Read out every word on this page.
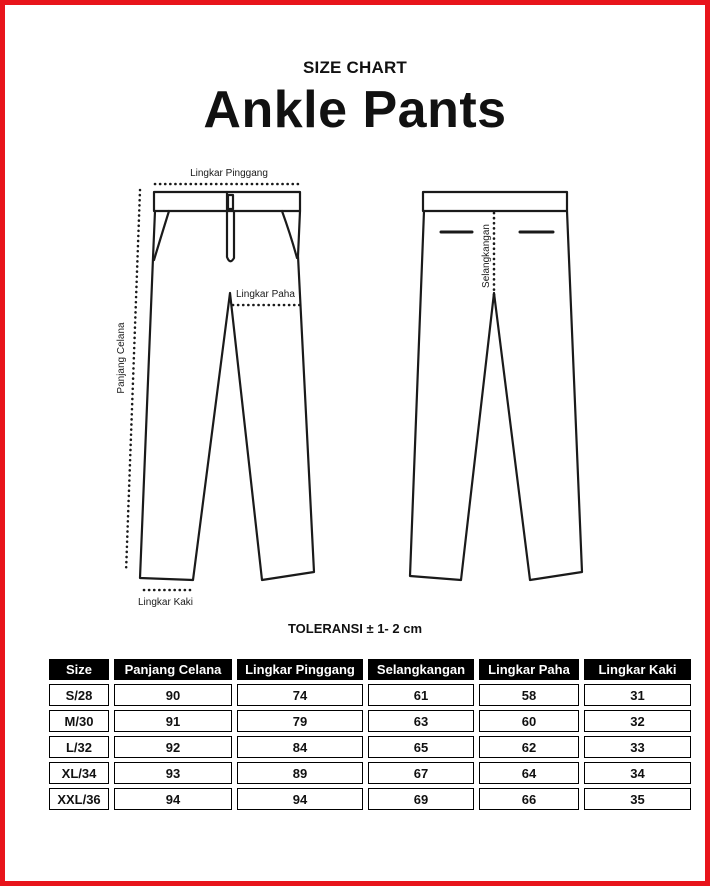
SIZE CHART
Ankle Pants
Lingkar Pinggang
Lingkar Paha
Panjang Celana
Lingkar Kaki
Selangkangan
TOLERANSI ± 1- 2 cm
Size	Panjang Celana	Lingkar Pinggang	Selangkangan	Lingkar Paha	Lingkar Kaki
S/28	90	74	61	58	31
M/30	91	79	63	60	32
L/32	92	84	65	62	33
XL/34	93	89	67	64	34
XXL/36	94	94	69	66	35
